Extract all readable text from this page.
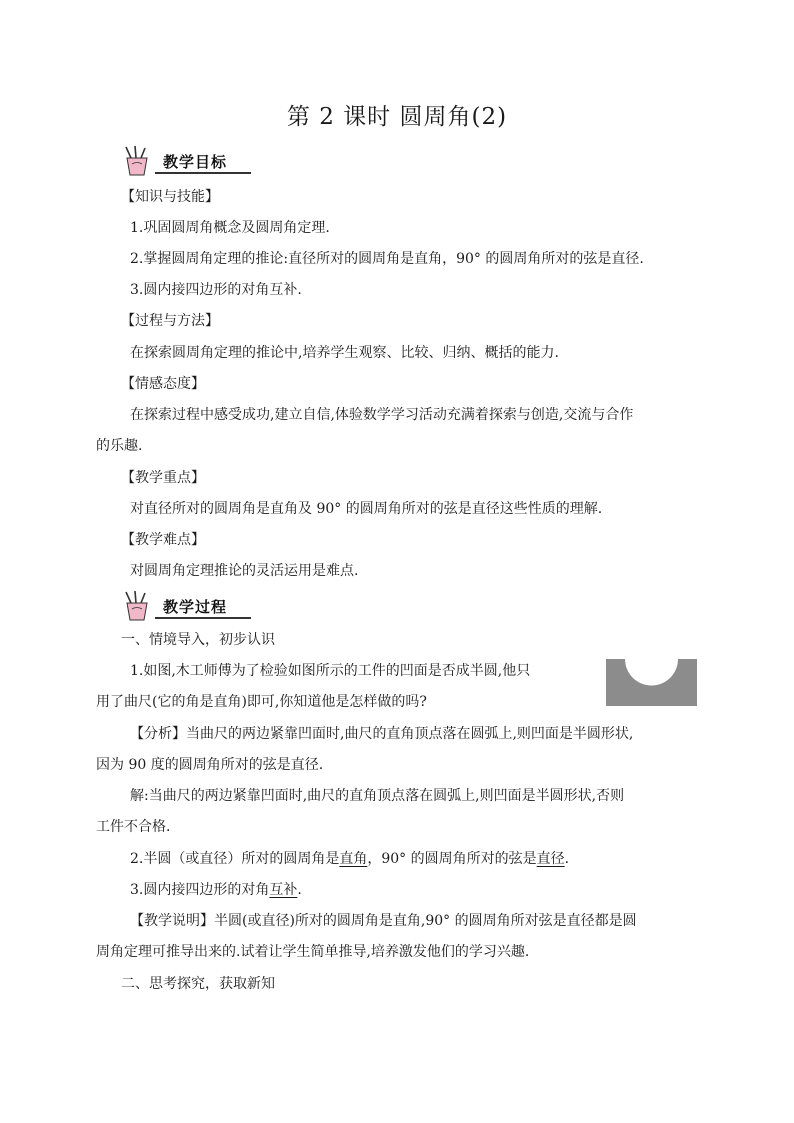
第 2 课时 圆周角(2)
教学目标
【知识与技能】
1.巩固圆周角概念及圆周角定理.
2.掌握圆周角定理的推论:直径所对的圆周角是直角，90° 的圆周角所对的弦是直径.
3.圆内接四边形的对角互补.
【过程与方法】
在探索圆周角定理的推论中,培养学生观察、比较、归纳、概括的能力.
【情感态度】
在探索过程中感受成功,建立自信,体验数学学习活动充满着探索与创造,交流与合作
的乐趣.
【教学重点】
对直径所对的圆周角是直角及 90° 的圆周角所对的弦是直径这些性质的理解.
【教学难点】
对圆周角定理推论的灵活运用是难点.
教学过程
一、情境导入，初步认识
1.如图,木工师傅为了检验如图所示的工件的凹面是否成半圆,他只
用了曲尺(它的角是直角)即可,你知道他是怎样做的吗?
【分析】当曲尺的两边紧靠凹面时,曲尺的直角顶点落在圆弧上,则凹面是半圆形状,
因为 90 度的圆周角所对的弦是直径.
解:当曲尺的两边紧靠凹面时,曲尺的直角顶点落在圆弧上,则凹面是半圆形状,否则
工件不合格.
2.半圆（或直径）所对的圆周角是直角，90° 的圆周角所对的弦是直径.
3.圆内接四边形的对角互补.
【教学说明】半圆(或直径)所对的圆周角是直角,90° 的圆周角所对弦是直径都是圆
周角定理可推导出来的.试着让学生简单推导,培养激发他们的学习兴趣.
二、思考探究，获取新知
